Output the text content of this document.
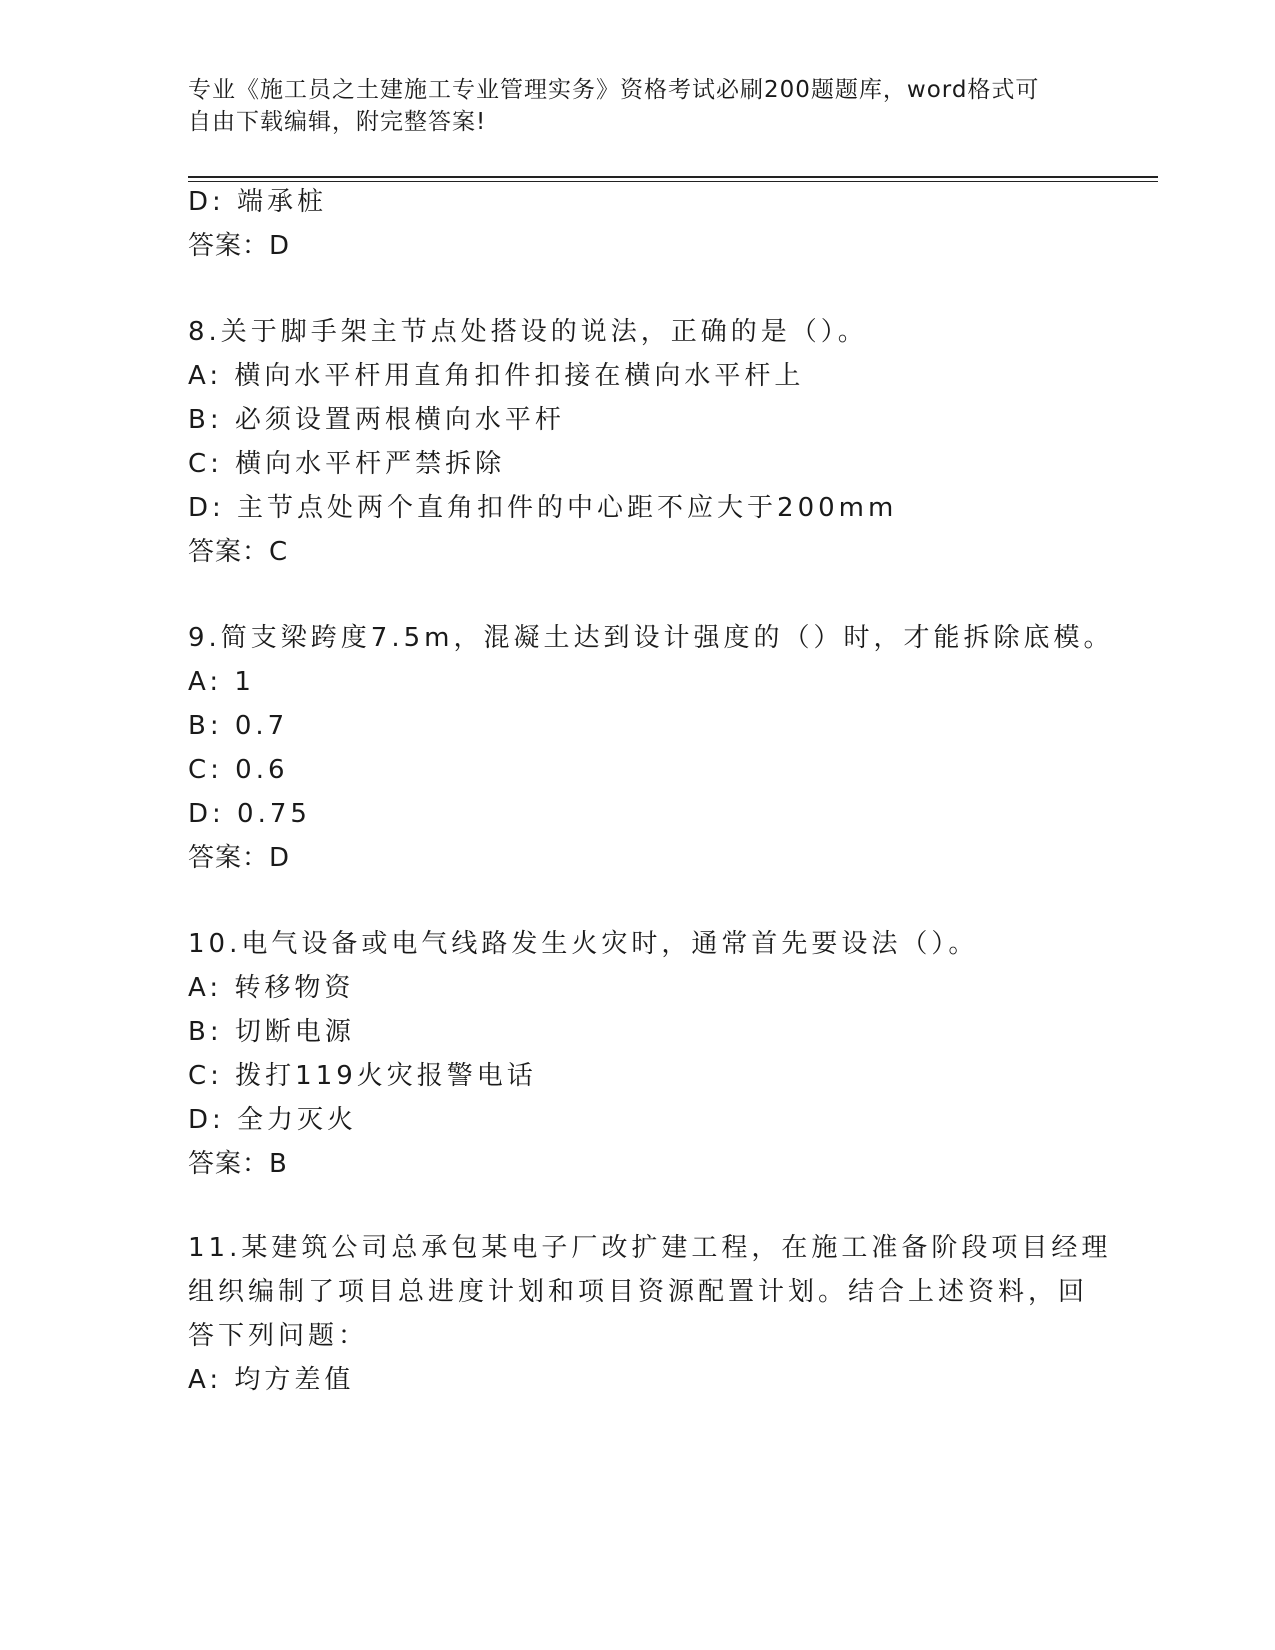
专业《施工员之土建施工专业管理实务》资格考试必刷200题题库，word格式可
自由下载编辑，附完整答案!
D: 端承桩
答案：D
8.关于脚手架主节点处搭设的说法，正确的是（）。
A: 横向水平杆用直角扣件扣接在横向水平杆上
B: 必须设置两根横向水平杆
C: 横向水平杆严禁拆除
D: 主节点处两个直角扣件的中心距不应大于200mm
答案：C
9.简支梁跨度7.5m，混凝土达到设计强度的（）时，才能拆除底模。
A: 1
B: 0.7
C: 0.6
D: 0.75
答案：D
10.电气设备或电气线路发生火灾时，通常首先要设法（）。
A: 转移物资
B: 切断电源
C: 拨打119火灾报警电话
D: 全力灭火
答案：B
11.某建筑公司总承包某电子厂改扩建工程，在施工准备阶段项目经理
组织编制了项目总进度计划和项目资源配置计划。结合上述资料，回
答下列问题：
A: 均方差值
